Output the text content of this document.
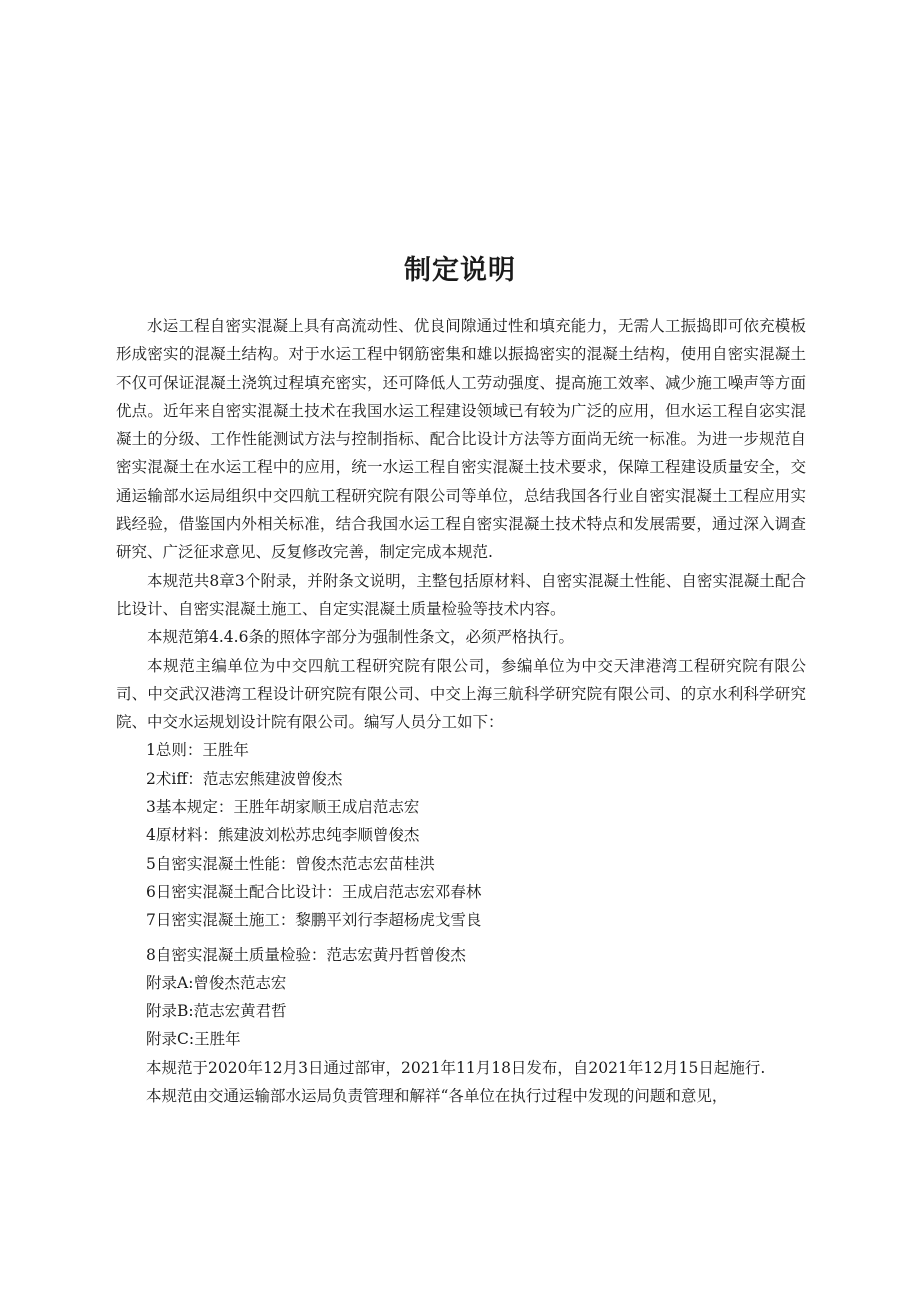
制定说明

水运工程自密实混凝上具有高流动性、优良间隙通过性和填充能力，无需人工振捣即可依充模板形成密实的混凝土结构。对于水运工程中钢筋密集和雄以振捣密实的混凝土结构，使用自密实混凝土不仅可保证混凝土浇筑过程填充密实，还可降低人工劳动强度、提高施工效率、减少施工噪声等方面优点。近年来自密实混凝土技术在我国水运工程建设领域已有较为广泛的应用，但水运工程自宓实混凝土的分级、工作性能测试方法与控制指标、配合比设计方法等方面尚无统一标准。为进一步规范自密实混凝土在水运工程中的应用，统一水运工程自密实混凝土技术要求，保障工程建设质量安全，交通运输部水运局组织中交四航工程研究院有限公司等单位，总结我国各行业自密实混凝土工程应用实践经验，借鉴国内外相关标准，结合我国水运工程自密实混凝土技术特点和发展需要，通过深入调查研究、广泛征求意见、反复修改完善，制定完成本规范.

本规范共8章3个附录，并附条文说明，主整包括原材料、自密实混凝土性能、自密实混凝土配合比设计、自密实混凝土施工、自定实混凝土质量检验等技术内容。

本规范第4.4.6条的照体字部分为强制性条文，必须严格执行。

本规范主编单位为中交四航工程研究院有限公司，参编单位为中交天津港湾工程研究院有限公司、中交武汉港湾工程设计研究院有限公司、中交上海三航科学研究院有限公司、的京水利科学研究院、中交水运规划设计院有限公司。编写人员分工如下：

1总则：王胜年

2术iff：范志宏熊建波曾俊杰

3基本规定：王胜年胡家顺王成启范志宏

4原材料：熊建波刘松苏忠纯李顺曾俊杰

5自密实混凝土性能：曾俊杰范志宏苗桂洪

6日密实混凝土配合比设计：王成启范志宏邓春林

7日密实混凝土施工：黎鹏平刘行李超杨虎戈雪良

8自密实混凝土质量检验：范志宏黄丹哲曾俊杰

附录A:曾俊杰范志宏

附录B:范志宏黄君哲

附录C:王胜年

本规范于2020年12月3日通过部审，2021年11月18日发布，自2021年12月15日起施行.

本规范由交通运输部水运局负责管理和解祥“各单位在执行过程中发现的问题和意见，
